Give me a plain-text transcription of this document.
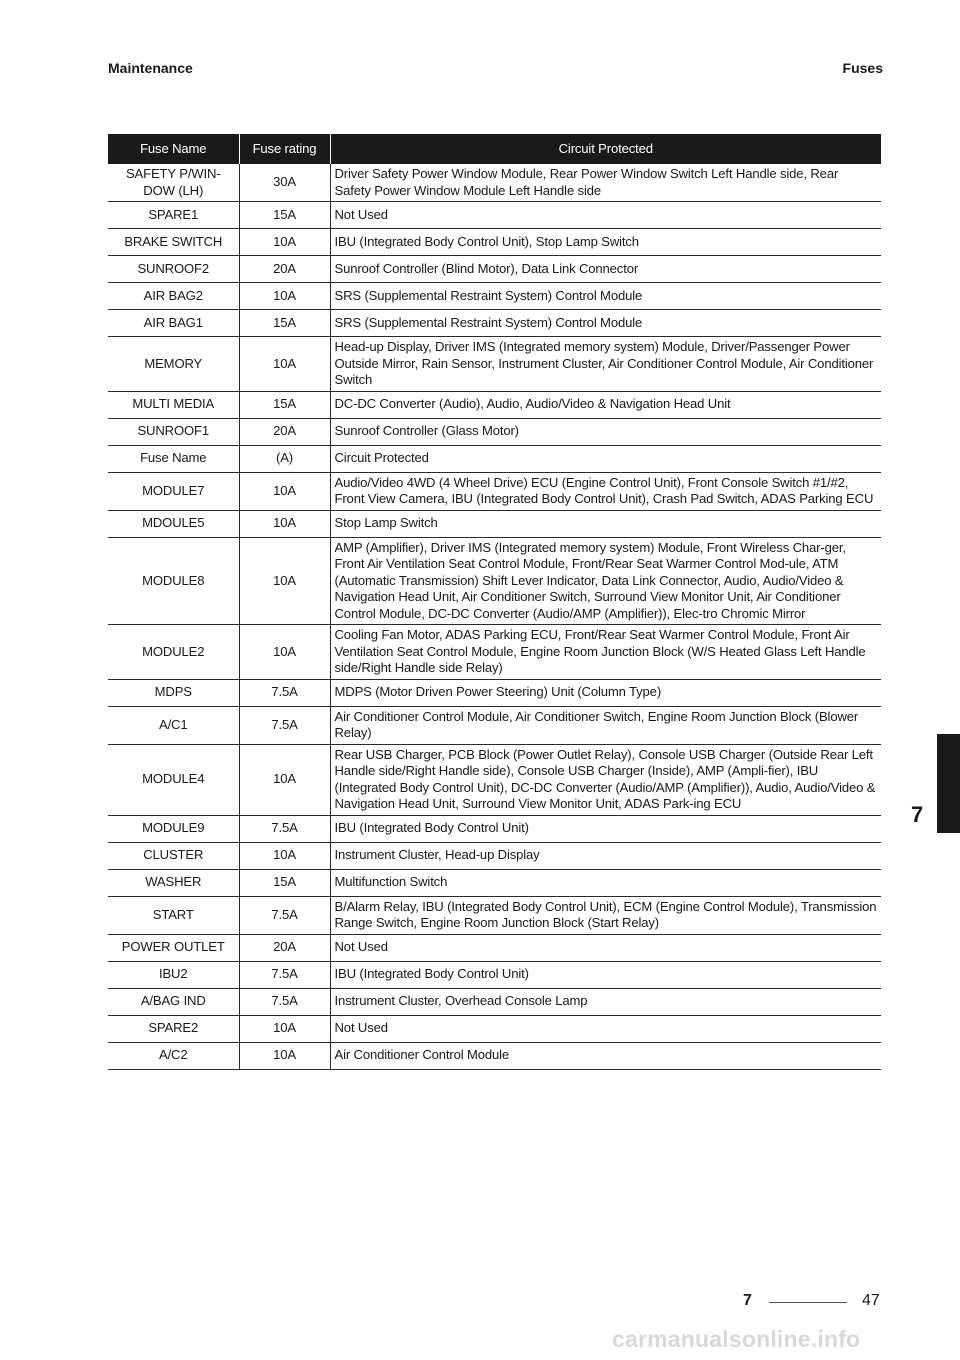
Maintenance	Fuses
Fuse Name	Fuse rating	Circuit Protected
SAFETY P/WIN-
DOW (LH)	30A	Driver Safety Power Window Module, Rear Power Window Switch Left Handle side, Rear Safety Power Window Module Left Handle side
SPARE1	15A	Not Used
BRAKE SWITCH	10A	IBU (Integrated Body Control Unit), Stop Lamp Switch
SUNROOF2	20A	Sunroof Controller (Blind Motor), Data Link Connector
AIR BAG2	10A	SRS (Supplemental Restraint System) Control Module
AIR BAG1	15A	SRS (Supplemental Restraint System) Control Module
MEMORY	10A	Head-up Display, Driver IMS (Integrated memory system) Module, Driver/Passenger Power Outside Mirror, Rain Sensor, Instrument Cluster, Air Conditioner Control Module, Air Conditioner Switch
MULTI MEDIA	15A	DC-DC Converter (Audio), Audio, Audio/Video & Navigation Head Unit
SUNROOF1	20A	Sunroof Controller (Glass Motor)
Fuse Name	(A)	Circuit Protected
MODULE7	10A	Audio/Video 4WD (4 Wheel Drive) ECU (Engine Control Unit), Front Console Switch #1/#2, Front View Camera, IBU (Integrated Body Control Unit), Crash Pad Switch, ADAS Parking ECU
MDOULE5	10A	Stop Lamp Switch
MODULE8	10A	AMP (Amplifier), Driver IMS (Integrated memory system) Module, Front Wireless Char-ger, Front Air Ventilation Seat Control Module, Front/Rear Seat Warmer Control Mod-ule, ATM (Automatic Transmission) Shift Lever Indicator, Data Link Connector, Audio, Audio/Video & Navigation Head Unit, Air Conditioner Switch, Surround View Monitor Unit, Air Conditioner Control Module, DC-DC Converter (Audio/AMP (Amplifier)), Elec-tro Chromic Mirror
MODULE2	10A	Cooling Fan Motor, ADAS Parking ECU, Front/Rear Seat Warmer Control Module, Front Air Ventilation Seat Control Module, Engine Room Junction Block (W/S Heated Glass Left Handle side/Right Handle side Relay)
MDPS	7.5A	MDPS (Motor Driven Power Steering) Unit (Column Type)
A/C1	7.5A	Air Conditioner Control Module, Air Conditioner Switch, Engine Room Junction Block (Blower Relay)
MODULE4	10A	Rear USB Charger, PCB Block (Power Outlet Relay), Console USB Charger (Outside Rear Left Handle side/Right Handle side), Console USB Charger (Inside), AMP (Ampli-fier), IBU (Integrated Body Control Unit), DC-DC Converter (Audio/AMP (Amplifier)), Audio, Audio/Video & Navigation Head Unit, Surround View Monitor Unit, ADAS Park-ing ECU
MODULE9	7.5A	IBU (Integrated Body Control Unit)
CLUSTER	10A	Instrument Cluster, Head-up Display
WASHER	15A	Multifunction Switch
START	7.5A	B/Alarm Relay, IBU (Integrated Body Control Unit), ECM (Engine Control Module), Transmission Range Switch, Engine Room Junction Block (Start Relay)
POWER OUTLET	20A	Not Used
IBU2	7.5A	IBU (Integrated Body Control Unit)
A/BAG IND	7.5A	Instrument Cluster, Overhead Console Lamp
SPARE2	10A	Not Used
A/C2	10A	Air Conditioner Control Module
7
7	47
carmanualsonline.info
